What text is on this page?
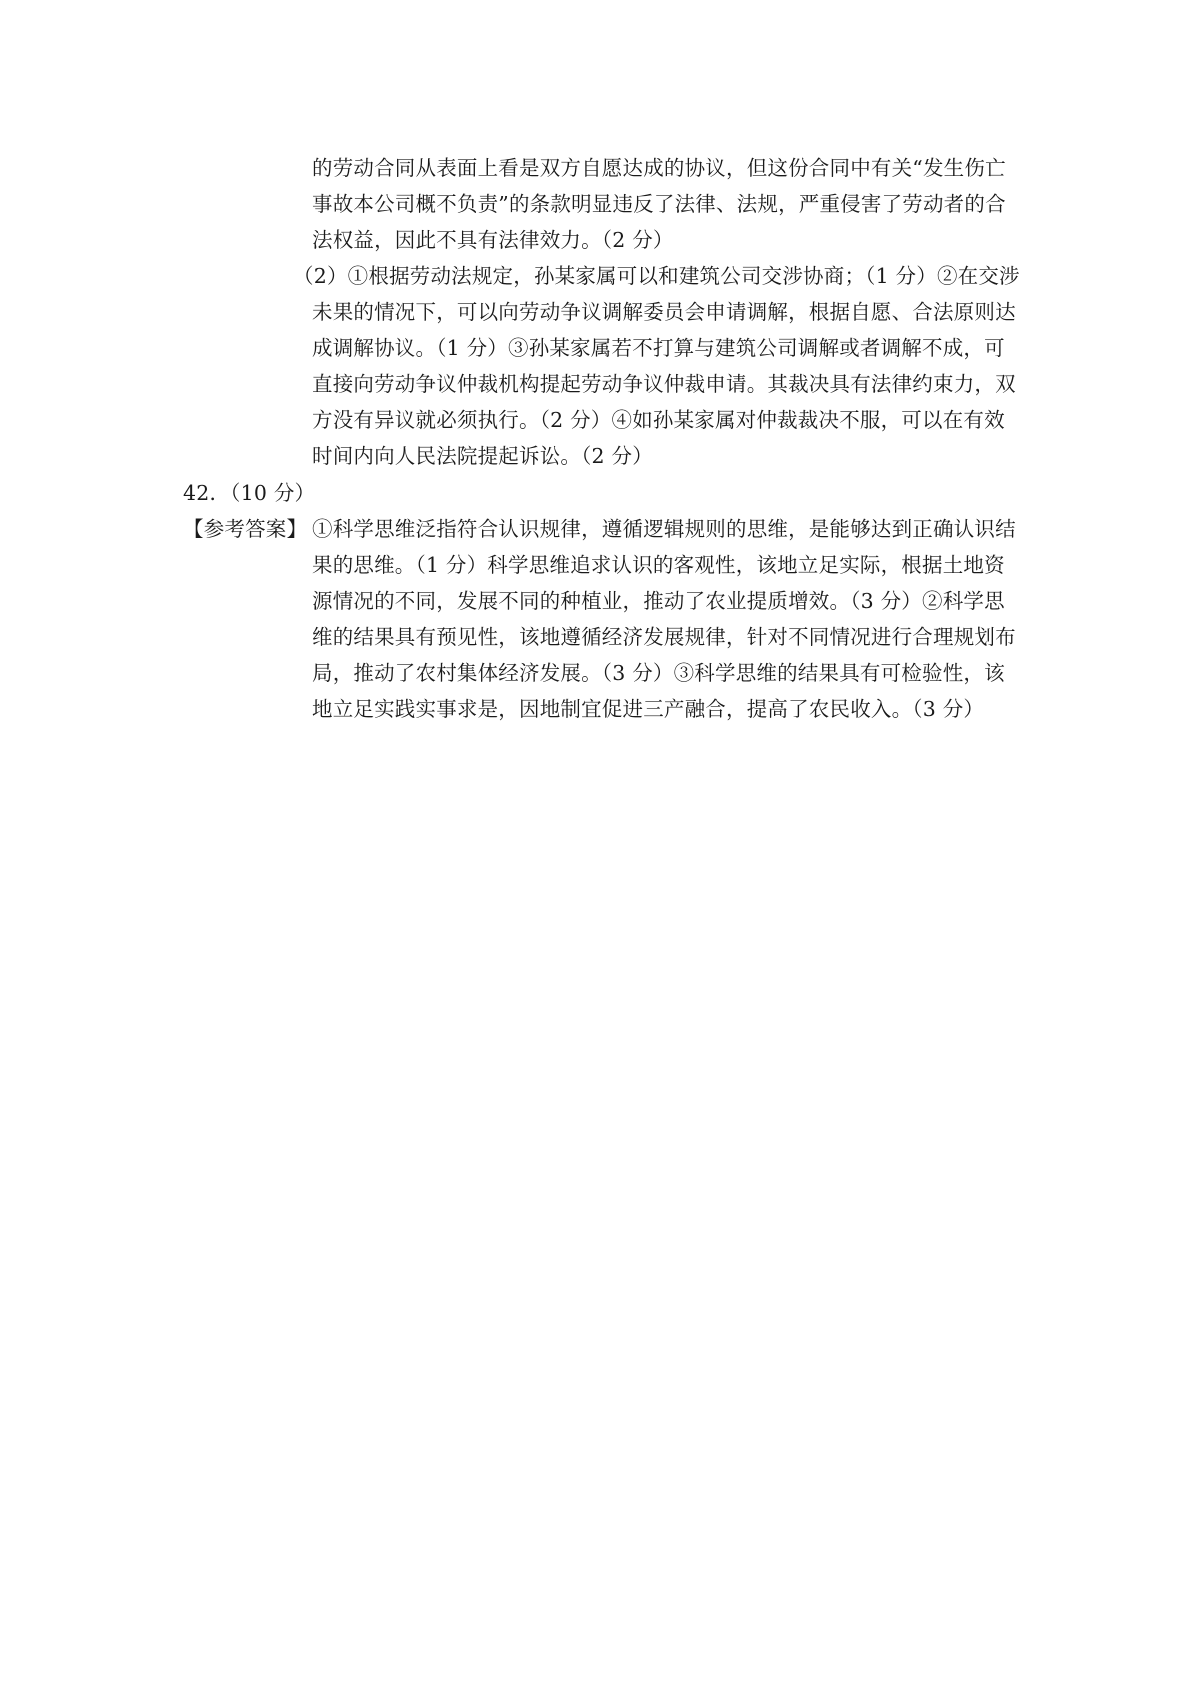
的劳动合同从表面上看是双方自愿达成的协议，但这份合同中有关“发生伤亡
事故本公司概不负责”的条款明显违反了法律、法规，严重侵害了劳动者的合
法权益，因此不具有法律效力。（2 分）
（2）①根据劳动法规定，孙某家属可以和建筑公司交涉协商；（1 分）②在交涉
未果的情况下，可以向劳动争议调解委员会申请调解，根据自愿、合法原则达
成调解协议。（1 分）③孙某家属若不打算与建筑公司调解或者调解不成，可
直接向劳动争议仲裁机构提起劳动争议仲裁申请。其裁决具有法律约束力，双
方没有异议就必须执行。（2 分）④如孙某家属对仲裁裁决不服，可以在有效
时间内向人民法院提起诉讼。（2 分）
42．（10 分）
【参考答案】 ①科学思维泛指符合认识规律，遵循逻辑规则的思维，是能够达到正确认识结
果的思维。（1 分）科学思维追求认识的客观性，该地立足实际，根据土地资
源情况的不同，发展不同的种植业，推动了农业提质增效。（3 分）②科学思
维的结果具有预见性，该地遵循经济发展规律，针对不同情况进行合理规划布
局，推动了农村集体经济发展。（3 分）③科学思维的结果具有可检验性，该
地立足实践实事求是，因地制宜促进三产融合，提高了农民收入。（3 分）
